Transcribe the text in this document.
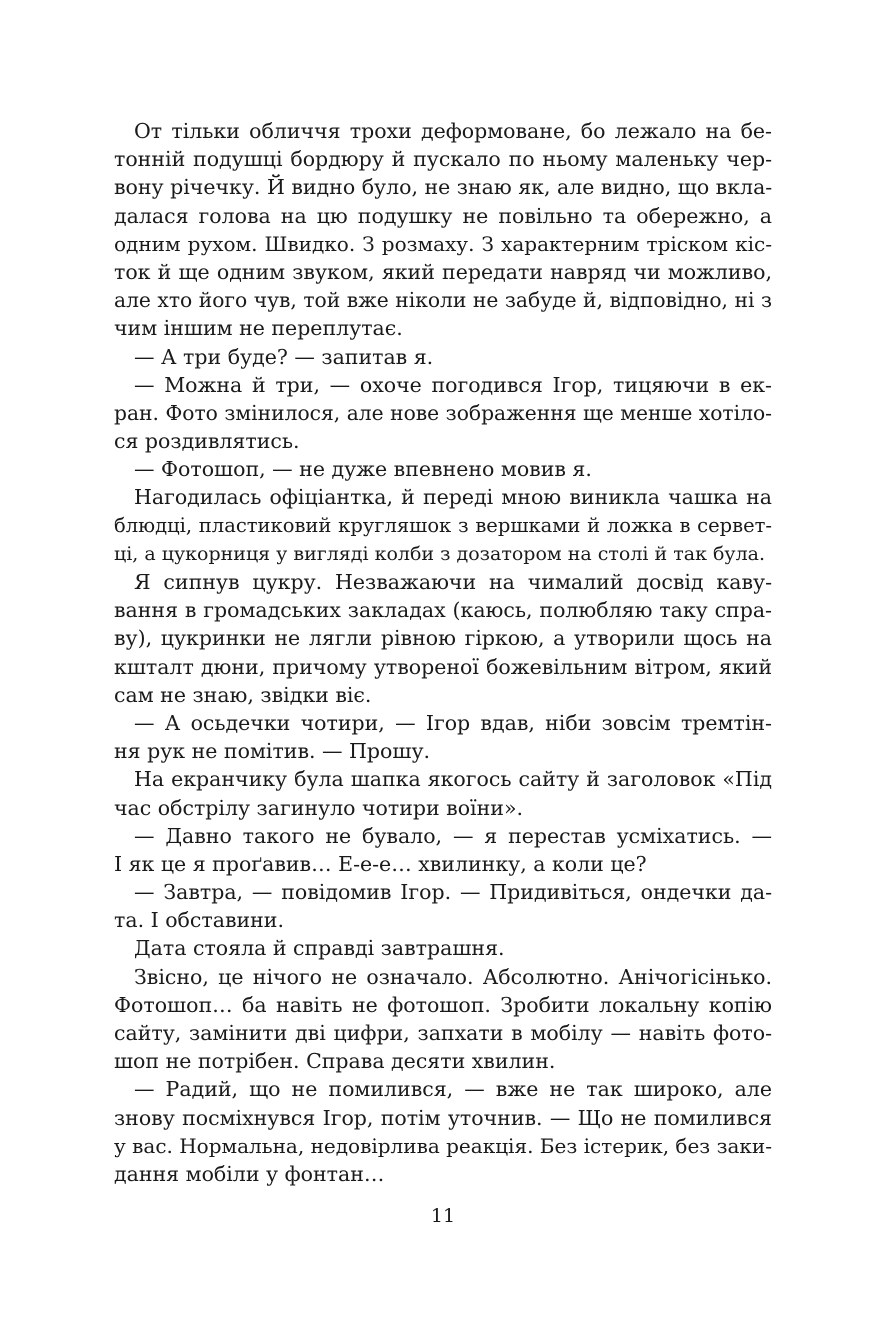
От тільки обличчя трохи деформоване, бо лежало на бе-
тонній подушці бордюру й пускало по ньому маленьку чер-
вону річечку. Й видно було, не знаю як, але видно, що вкла-
далася голова на цю подушку не повільно та обережно, а
одним рухом. Швидко. З розмаху. З характерним тріском кіс-
ток й ще одним звуком, який передати навряд чи можливо,
але хто його чув, той вже ніколи не забуде й, відповідно, ні з
чим іншим не переплутає.
— А три буде? — запитав я.
— Можна й три, — охоче погодився Ігор, тицяючи в ек-
ран. Фото змінилося, але нове зображення ще менше хотіло-
ся роздивлятись.
— Фотошоп, — не дуже впевнено мовив я.
Нагодилась офіціантка, й переді мною виникла чашка на
блюдці, пластиковий кругляшок з вершками й ложка в сервет-
ці, а цукорниця у вигляді колби з дозатором на столі й так була.
Я сипнув цукру. Незважаючи на чималий досвід каву-
вання в громадських закладах (каюсь, полюбляю таку спра-
ву), цукринки не лягли рівною гіркою, а утворили щось на
кшталт дюни, причому утвореної божевільним вітром, який
сам не знаю, звідки віє.
— А осьдечки чотири, — Ігор вдав, ніби зовсім тремтін-
ня рук не помітив. — Прошу.
На екранчику була шапка якогось сайту й заголовок «Під
час обстрілу загинуло чотири воїни».
— Давно такого не бувало, — я перестав усміхатись. —
І як це я проґавив… Е-е-е… хвилинку, а коли це?
— Завтра, — повідомив Ігор. — Придивіться, ондечки да-
та. І обставини.
Дата стояла й справді завтрашня.
Звісно, це нічого не означало. Абсолютно. Анічогісінько.
Фотошоп… ба навіть не фотошоп. Зробити локальну копію
сайту, замінити дві цифри, запхати в мобілу — навіть фото-
шоп не потрібен. Справа десяти хвилин.
— Радий, що не помилився, — вже не так широко, але
знову посміхнувся Ігор, потім уточнив. — Що не помилився
у вас. Нормальна, недовірлива реакція. Без істерик, без заки-
дання мобіли у фонтан…
11
